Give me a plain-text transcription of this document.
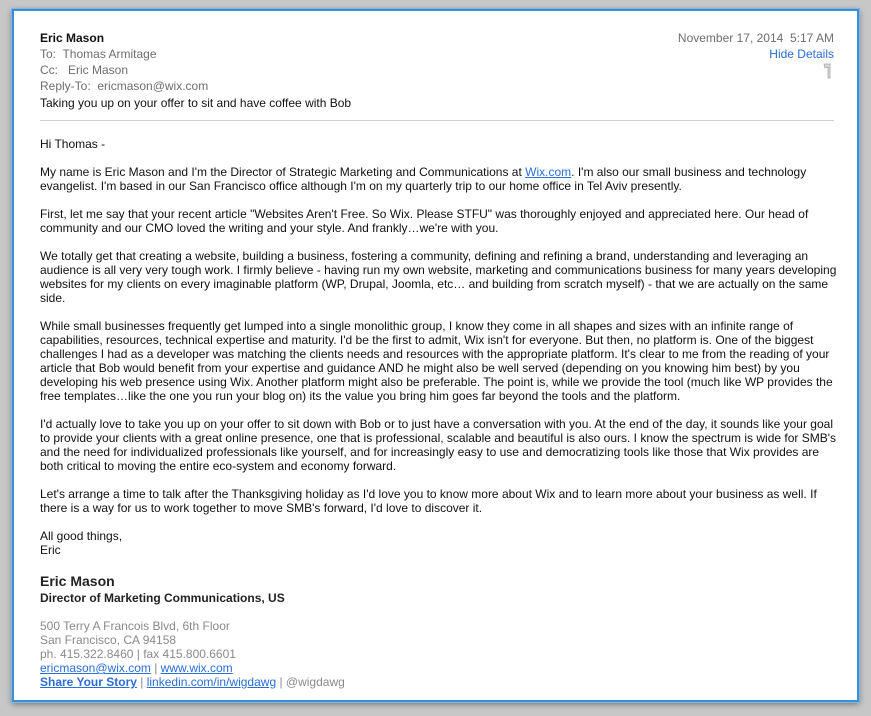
Eric Mason
To: Thomas Armitage
Cc: Eric Mason
Reply-To: ericmason@wix.com
Taking you up on your offer to sit and have coffee with Bob
November 17, 2014  5:17 AM
Hide Details

Hi Thomas -

My name is Eric Mason and I'm the Director of Strategic Marketing and Communications at Wix.com. I'm also our small business and technology evangelist. I'm based in our San Francisco office although I'm on my quarterly trip to our home office in Tel Aviv presently.

First, let me say that your recent article "Websites Aren't Free. So Wix. Please STFU" was thoroughly enjoyed and appreciated here. Our head of community and our CMO loved the writing and your style. And frankly…we're with you.

We totally get that creating a website, building a business, fostering a community, defining and refining a brand, understanding and leveraging an audience is all very very tough work. I firmly believe - having run my own website, marketing and communications business for many years developing websites for my clients on every imaginable platform (WP, Drupal, Joomla, etc… and building from scratch myself) - that we are actually on the same side.

While small businesses frequently get lumped into a single monolithic group, I know they come in all shapes and sizes with an infinite range of capabilities, resources, technical expertise and maturity. I'd be the first to admit, Wix isn't for everyone. But then, no platform is. One of the biggest challenges I had as a developer was matching the clients needs and resources with the appropriate platform. It's clear to me from the reading of your article that Bob would benefit from your expertise and guidance AND he might also be well served (depending on you knowing him best) by you developing his web presence using Wix. Another platform might also be preferable. The point is, while we provide the tool (much like WP provides the free templates…like the one you run your blog on) its the value you bring him goes far beyond the tools and the platform.

I'd actually love to take you up on your offer to sit down with Bob or to just have a conversation with you. At the end of the day, it sounds like your goal to provide your clients with a great online presence, one that is professional, scalable and beautiful is also ours. I know the spectrum is wide for SMB's and the need for individualized professionals like yourself, and for increasingly easy to use and democratizing tools like those that Wix provides are both critical to moving the entire eco-system and economy forward.

Let's arrange a time to talk after the Thanksgiving holiday as I'd love you to know more about Wix and to learn more about your business as well. If there is a way for us to work together to move SMB's forward, I'd love to discover it.

All good things,

Eric

Eric Mason
Director of Marketing Communications, US
500 Terry A Francois Blvd, 6th Floor
San Francisco, CA 94158
ph. 415.322.8460 | fax 415.800.6601
ericmason@wix.com | www.wix.com
Share Your Story | linkedin.com/in/wigdawg | @wigdawg
